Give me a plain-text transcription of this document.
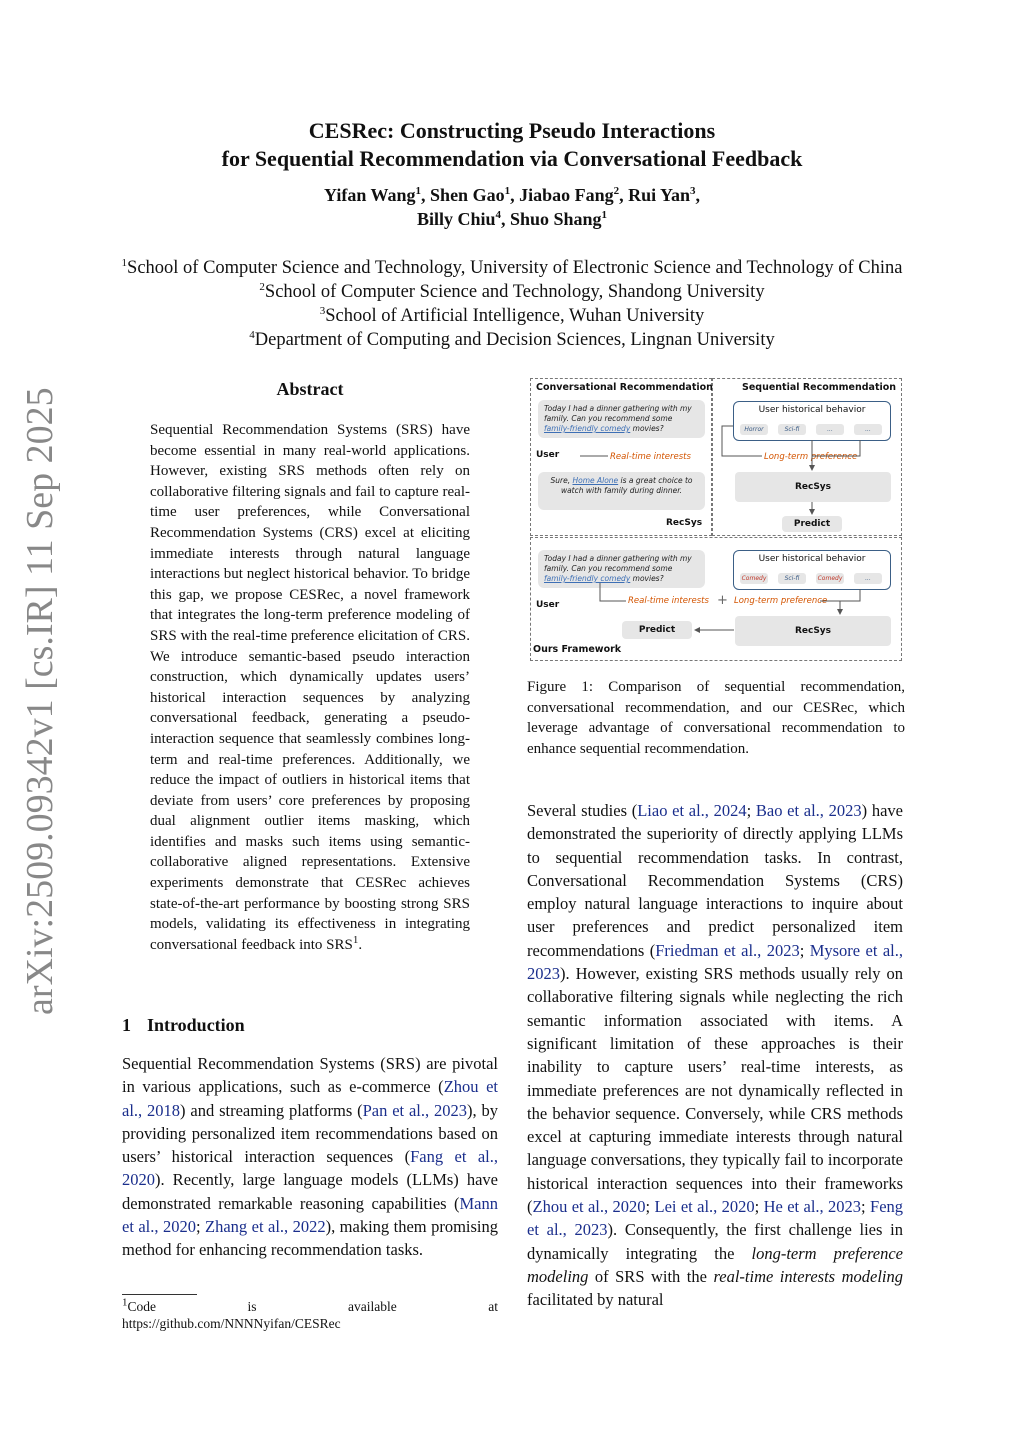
CESRec: Constructing Pseudo Interactions
for Sequential Recommendation via Conversational Feedback
Yifan Wang$^1$, Shen Gao$^1$, Jiabao Fang$^2$, Rui Yan$^3$,
Billy Chiu$^4$, Shuo Shang$^1$
$^1$School of Computer Science and Technology, University of Electronic Science and Technology of China
$^2$School of Computer Science and Technology, Shandong University
$^3$School of Artificial Intelligence, Wuhan University
$^4$Department of Computing and Decision Sciences, Lingnan University
arXiv:2509.09342v1 [cs.IR] 11 Sep 2025	Abstract
Sequential Recommendation Systems (SRS) have become essential in many real-world applications. However, existing SRS methods often rely on collaborative filtering signals and fail to capture real-time user preferences, while Conversational Recommendation Systems (CRS) excel at eliciting immediate interests through natural language interactions but neglect historical behavior. To bridge this gap, we propose CESRec, a novel framework that integrates the long-term preference modeling of SRS with the real-time preference elicitation of CRS. We introduce semantic-based pseudo interaction construction, which dynamically updates users’ historical interaction sequences by analyzing conversational feedback, generating a pseudo-interaction sequence that seamlessly combines long-term and real-time preferences. Additionally, we reduce the impact of outliers in historical items that deviate from users’ core preferences by proposing dual alignment outlier items masking, which identifies and masks such items using semantic-collaborative aligned representations. Extensive experiments demonstrate that CESRec achieves state-of-the-art performance by boosting strong SRS models, validating its effectiveness in integrating conversational feedback into SRS$^1$.
1 Introduction
Sequential Recommendation Systems (SRS) are pivotal in various applications, such as e-commerce (Zhou et al., 2018) and streaming platforms (Pan et al., 2023), by providing personalized item recommendations based on users’ historical interaction sequences (Fang et al., 2020). Recently, large language models (LLMs) have demonstrated remarkable reasoning capabilities (Mann et al., 2020; Zhang et al., 2022), making them promising method for enhancing recommendation tasks.
Several studies (Liao et al., 2024; Bao et al., 2023) have demonstrated the superiority of directly applying LLMs to sequential recommendation tasks. In contrast, Conversational Recommendation Systems (CRS) employ natural language interactions to inquire about user preferences and predict personalized item recommendations (Friedman et al., 2023; Mysore et al., 2023). However, existing SRS methods usually rely on collaborative filtering signals while neglecting the rich semantic information associated with items. A significant limitation of these approaches is their inability to capture users’ real-time interests, as immediate preferences are not dynamically reflected in the behavior sequence. Conversely, while CRS methods excel at capturing immediate interests through natural language conversations, they typically fail to incorporate historical interaction sequences into their frameworks (Zhou et al., 2020; Lei et al., 2020; He et al., 2023; Feng et al., 2023). Consequently, the first challenge lies in dynamically integrating the long-term preference modeling of SRS with the real-time interests modeling facilitated by natural
$^1$Code	is	available	at
https://github.com/NNNNyifan/CESRec
Conversational Recommendation
Today I had a dinner gathering with my family. Can you recommend some family-friendly comedy movies?
User	Real-time interests
Sure, Home Alone is a great choice to watch with family during dinner.
RecSys
Sequential Recommendation
User historical behavior
Horror	Sci-fi	...	...
Long-term preference
RecSys
Predict
Today I had a dinner gathering with my family. Can you recommend some family-friendly comedy movies?
User
User historical behavior
Comedy	Sci-fi	Comedy	...
Real-time interests + Long-term preference
Predict	RecSys
Ours Framework
Figure 1: Comparison of sequential recommendation, conversational recommendation, and our CESRec, which leverage advantage of conversational recommendation to enhance sequential recommendation.
